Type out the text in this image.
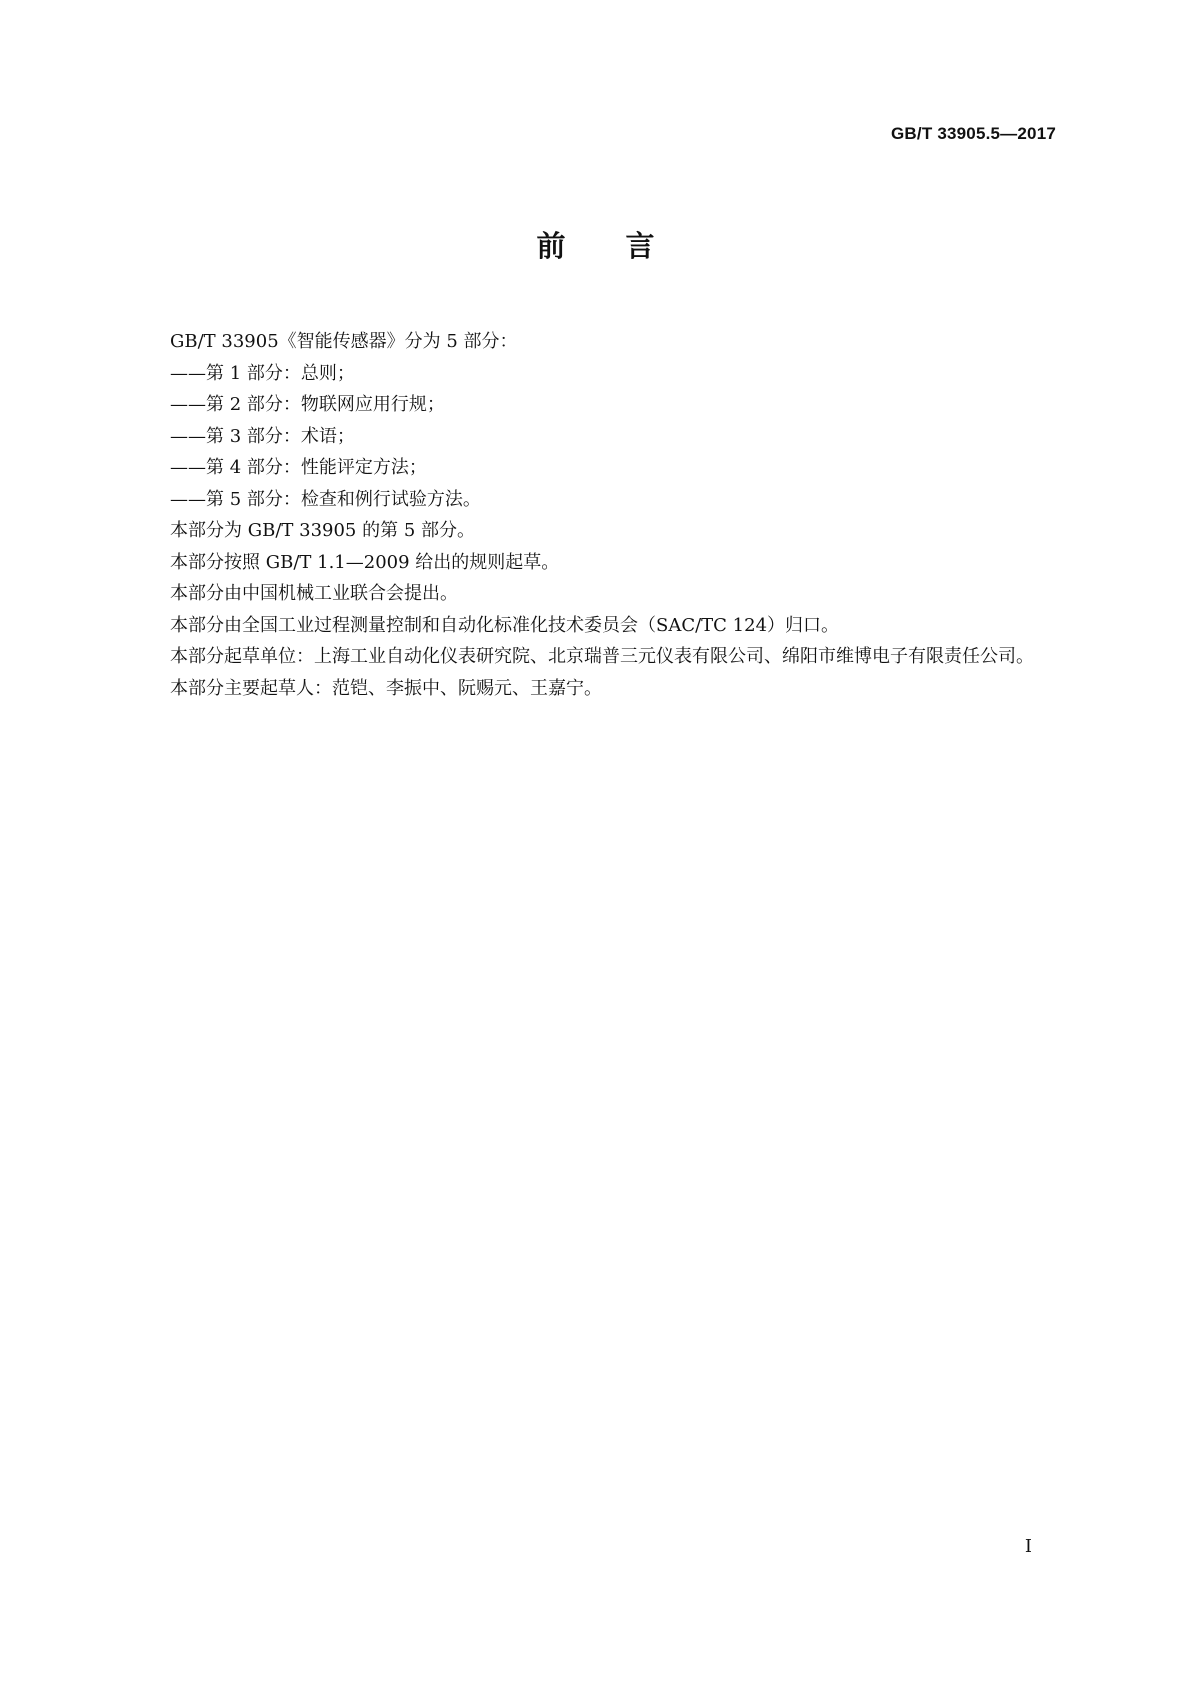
GB/T 33905.5—2017
前言

GB/T 33905《智能传感器》分为 5 部分：

——第 1 部分：总则；

——第 2 部分：物联网应用行规；

——第 3 部分：术语；

——第 4 部分：性能评定方法；

——第 5 部分：检查和例行试验方法。

本部分为 GB/T 33905 的第 5 部分。

本部分按照 GB/T 1.1—2009 给出的规则起草。

本部分由中国机械工业联合会提出。

本部分由全国工业过程测量控制和自动化标准化技术委员会（SAC/TC 124）归口。

本部分起草单位：上海工业自动化仪表研究院、北京瑞普三元仪表有限公司、绵阳市维博电子有限责任公司。

本部分主要起草人：范铠、李振中、阮赐元、王嘉宁。

I
